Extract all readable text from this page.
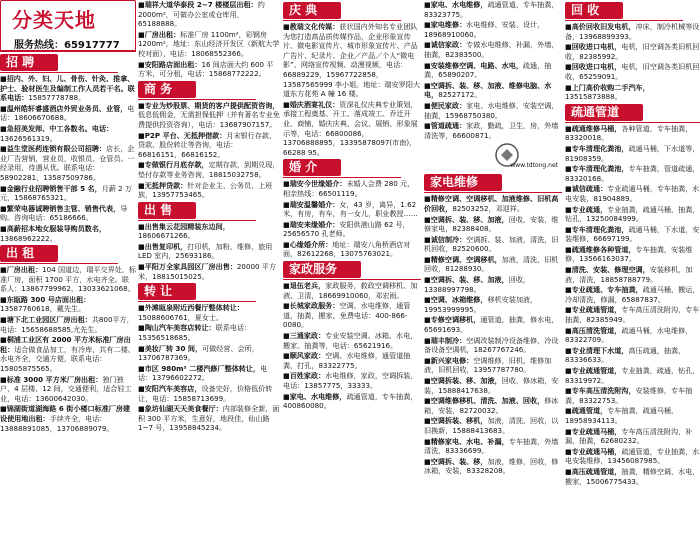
分类天地
服务热线：65917777
招 聘
■招内、外、妇、儿、骨伤、针灸、推拿、护士、验材医生及编制工作人员若干名。联系电话：15857778788。
■温州皓轩睿盛酒店外贸业务员、业管，电话：18606670688。
■急招美发师、中工各数名。电话：13626561319。
■益生堂医药连锁有限公司招聘：店长，企业厂告营销，营业员，收银员、仓管员。一经录用，待遇从优。联系电话：58902281，13587509786。
■金融行业招聘销售干部 5 名，月薪 2 万元，15868765321。
■繁荣电器诚聘销售主管、销售代表，导购。咨询电话：65186666。
■高薪招本地女服装导购员数名，13868962222。
出 租
■厂房出租：104 国道边，瑞平交界处，标准厂房，面积 1700 平方，水电齐全。联系人：13867799962，13033621068。
■东瓯路 300 号店面出租：13587760618，戴先生。
■塘下北工业园区厂房出租：共800平方，电话：15658688585,尤先生。
■桐浦工业区有 2000 平方米标准厂房出租：适合做食品加工，有冷库，共有二楼、水电齐全，交通方便，联系电话：15805875565。
■标准 3000 平方米厂房出租：独门独户，4 层楼、12 间，交通便利，适合轻工业，电话：13600642030。
■锦湖街道湖海路 6 街小楼口标准厂房建设使用地出租：手续齐全，电话：13888891085，13706889079。
■瑞祥大道华泰段 2~7 楼楼层出租：约 2000m²，可做办公室或仓库用，65188888。
■厂房出租：标准厂房 1100m²，彩钢房 1200m²，地址：东山经济开发区（新航大学校对面），电话：18068552366。
■安阳路店面出租：16 间店面大约 600 平方米，可分租，电话：15868772222。
商 务
■专业为炒股票、期货的客户提供配资咨询，低息低佣金，无需担保低押（并有著名专业免费提供投资咨询），电话：13687907157。
■P2P 平台、无抵押借款：月末银行存款、贷款、股份转让等咨询，电话：66816151，66816152。
■专做银行月底存款，定期存款，到期兑现，垫付存款等业务咨询，18815032758。
■无抵押贷款：针对企业主、公务员、上班族，13957753465。
出 售
■出售集云花园精装东边间，18606671266。
■出售复印机，打印机，加粉，维修，旅用 LED 室内，25693186。
■平阳万全家具园区厂房出售：20000 平方米，18815015025。
转 让
■外滩瓯泉附近西餐厅整体转让：15088606761，夏女士。
■陶山汽车美容店转让：联系电话：15356518685。
■美妆厂转 30 间，可做经营、会所，13706787369。
■市区 980m² 二楼汽修厂整体转让，电话：13796602272。
■安阳汽车美容店，设备完好，价格低价转让，电话：15858713699。
■象坊仙湖天天美食餐厅：内部装修全新，面积 300 平方米，生意好，地段佳，仙山路 1~7 号，13958845234。
庆 典
■教瑞文化传媒：获状国内外知名专业团队为您打造高品质传媒作品，企业形象宣传片、微电影宣传片、城市形象宣传片、产品广告片、纪录片、企业／产品／个人“微电影”、网络宣传视频、动漫视频，电话：66889229，15967722858，13587565999 李小姐。地址：瑞安罗阳大道东方花苑 A 幢 16 楼。
■婚庆酒宴礼仪：资深礼仪庆典专业策划，承接工程奠基、开工、落成竣工、乔迁开业、商铺，婚庆庆典、会议、展销、形象展示等，电话：66800086，13706888895，13395878097(市南)，66288 95。
婚 介
■瑞安今世缘婚介：未婚人会费 280 元，相亲热线：66501119。
■瑞安温馨婚介：女，43 岁，离异，1.62 米，有房，有车，有一女儿，职业教授……
■瑞安来缘婚介：安阳供港山路 62 号，25656570 孔老师。
■心缘婚介所：地址：瑞安八角桥酒店对面，82612268，13075763021。
家政服务
■退伍老兵，家政服务，救政空调移机、加液、卫清，18669910060，邓宏雨。
■长城家政服务：空调、水电维修，通管道，抽粪，搬家，免费电话：400-866-0080。
■三通家政：专业安装空调、冰箱、水电，搬家、抽粪等，电话：65621916。
■顺风家政：空调、水电维修，通管道抽粪，打孔，83322775。
■百姓家政：水电维修，家政，空调拆装，电话：13857775，33333。
■家电、水电维修，疏通管道，专车抽粪，400860080。
■家电、水电维修，疏通管道，专车抽粪，83323775。
■家电维修：水电维修、安装、设计，18968910060。
■诚信家政：专做水电维修，补漏，外墙，抽粪，82383500。
■安装维修空调、电路、水电，疏通，抽粪，65890207。
■空调拆、装、移、加液、维修电脑、水电，82527172。
■便民家政：家电、水电维修，安装空调，抽粪，15968750380。
■管道疏通：家政，勤疏，卫生，房，外墙清洗等，66600871。
www.tdtong.net
家电维修
■精修空调、空调移机、加液维修、旧机高价回收，82503252，邓迎祥。
■空调拆、装、移、加液，回收，安装，维修家电，82388408。
■诚信制冷：空调拆、装、加液，清洗，旧机回收，82520600。
■精修空调、空调移机，加液，清洗，旧机回收，81288930。
■空调拆、装、移、加液，回收，13388997798。
■空调、冰箱维修，移机安装加液，19953999995。
■专修空调移机，通管道，抽粪，修水电，65691693。
■瑞丰制冷：空调改装制冷设备维修，冷设备设备空调机，18267767246。
■新兴家电修：空调维修，旧机，维修加液，旧机回收，13957787780。
■空调拆装、移、加液，回收，修冰箱，安装，15888417638。
■空调维修移机、清洗、加液、回收，修冰箱，安装，82720032。
■空调拆装、移机，加液，清洗、回收，以旧换新，15888413683。
■精修家电、水电、补漏，专车抽粪，外墙清洗，83336699。
■空调拆、装、移，加液，维修，回收，修冰箱，安装，83328208。
回 收
■高价回收旧发电机，冲床，制冷机械等设备，13968899393。
■回收进口电机，电机，旧空调各类旧机回收，82385992。
■回收进口电机，电机，旧空调各类旧机回收，65259091。
■上门高价收购二手汽车，13515873888。
疏通管道
■疏通维修马桶，各种管道，专车抽粪，83320018。
■专车清理化粪池，疏通马桶，下水道等，81908359。
■专车清理化粪池，专车抽粪，管道疏通，83320168。
■诚信疏通：专业疏通马桶，专车抽粪，水电安装，81904889。
■专业疏通，专业抽粪，疏通马桶，抽粪，钻孔，13250084999。
■专车清理化粪池，疏通马桶，下水道，安装维修，66697199。
■疏通维修各种管道，专车抽粪，安装维修，13566163037。
■清洗、安装、修理空调，安装移机，加液，清洗，18858788779。
■专业疏通、专车抽粪，疏通马桶，搬运，冷却清洗，修漏，65887837。
■专业疏通管道，专车高压清洗附沟，专车抽粪，82385949。
■高压清洗管道，疏通马桶，水电维修，83322709。
■专业清理下水道，高压疏通，抽粪，83336633。
■专业疏通管道，专业抽粪，疏通，钻孔，83319972。
■专车高压清洗附沟，安装维修，专车抽粪，83322753。
■疏通管道，专车抽粪，疏通马桶，18958934113。
■专业疏通马桶，专车高压清洗附沟，补漏，抽粪，62680232。
■专业疏通马桶，疏通管道，专业抽粪，水电安装维修，13456087985。
■高压疏通管道，抽粪，精修空调，水电，搬家，15006775433。
